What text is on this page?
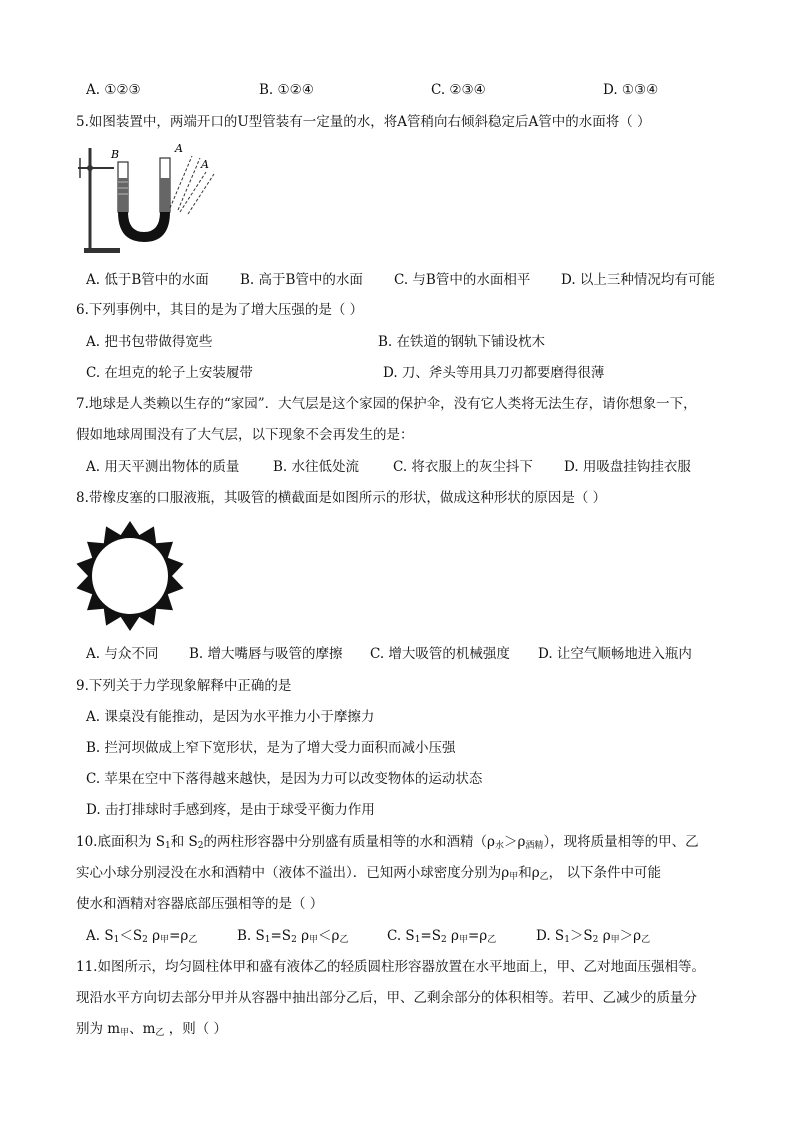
A. ①②③	B. ①②④	C. ②③④	D. ①③④
5.如图装置中，两端开口的U型管装有一定量的水，将A管稍向右倾斜稳定后A管中的水面将（ ）
B	A
A
A. 低于B管中的水面 B. 高于B管中的水面 C. 与B管中的水面相平 D. 以上三种情况均有可能
6.下列事例中，其目的是为了增大压强的是（ ）
A. 把书包带做得宽些	B. 在铁道的钢轨下铺设枕木
C. 在坦克的轮子上安装履带	D. 刀、斧头等用具刀刃都要磨得很薄
7.地球是人类赖以生存的“家园”．大气层是这个家园的保护伞，没有它人类将无法生存，请你想象一下，
假如地球周围没有了大气层，以下现象不会再发生的是：
A. 用天平测出物体的质量 B. 水往低处流	C. 将衣服上的灰尘抖下 D. 用吸盘挂钩挂衣服
8.带橡皮塞的口服液瓶，其吸管的横截面是如图所示的形状，做成这种形状的原因是（ ）
A. 与众不同 B. 增大嘴唇与吸管的摩擦 C. 增大吸管的机械强度 D. 让空气顺畅地进入瓶内
9.下列关于力学现象解释中正确的是
A. 课桌没有能推动，是因为水平推力小于摩擦力
B. 拦河坝做成上窄下宽形状，是为了增大受力面积而减小压强
C. 苹果在空中下落得越来越快，是因为力可以改变物体的运动状态
D. 击打排球时手感到疼，是由于球受平衡力作用
10.底面积为 $S_1$和 $S_2$的两柱形容器中分别盛有质量相等的水和酒精$(\rho_水>\rho_{酒精})$，现将质量相等的甲、乙
实心小球分别浸没在水和酒精中（液体不溢出）．已知两小球密度分别为$\rho_甲$和$\rho_乙$， 以下条件中可能
使水和酒精对容器底部压强相等的是（ ）
A. $S_1<S_2$ $\rho_甲=\rho_乙$	B. $S_1=S_2$ $\rho_甲<\rho_乙$	C. $S_1=S_2$ $\rho_甲=\rho_乙$	D. $S_1>S_2$ $\rho_甲>\rho_乙$
11.如图所示，均匀圆柱体甲和盛有液体乙的轻质圆柱形容器放置在水平地面上，甲、乙对地面压强相等。
现沿水平方向切去部分甲并从容器中抽出部分乙后，甲、乙剩余部分的体积相等。若甲、乙减少的质量分
别为 $m_甲$、$m_乙$ ，则（ ）
